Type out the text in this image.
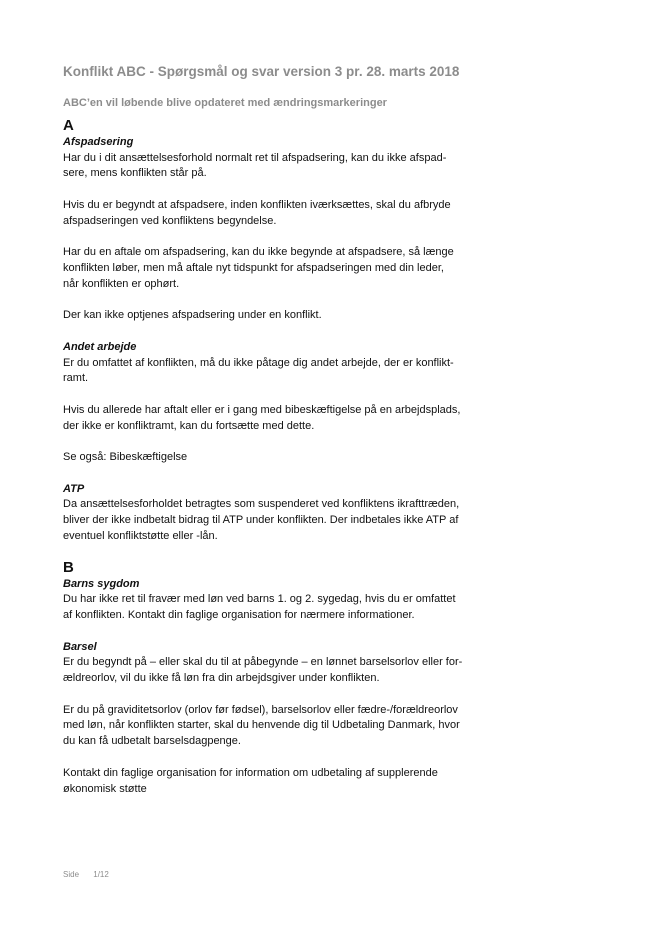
Konflikt ABC - Spørgsmål og svar version 3 pr. 28. marts 2018
ABC’en vil løbende blive opdateret med ændringsmarkeringer
A
Afspadsering
Har du i dit ansættelsesforhold normalt ret til afspadsering, kan du ikke afspad-
sere, mens konflikten står på.
Hvis du er begyndt at afspadsere, inden konflikten iværksættes, skal du afbryde
afspadseringen ved konfliktens begyndelse.
Har du en aftale om afspadsering, kan du ikke begynde at afspadsere, så længe
konflikten løber, men må aftale nyt tidspunkt for afspadseringen med din leder,
når konflikten er ophørt.
Der kan ikke optjenes afspadsering under en konflikt.
Andet arbejde
Er du omfattet af konflikten, må du ikke påtage dig andet arbejde, der er konflikt-
ramt.
Hvis du allerede har aftalt eller er i gang med bibeskæftigelse på en arbejdsplads,
der ikke er konfliktramt, kan du fortsætte med dette.
Se også: Bibeskæftigelse
ATP
Da ansættelsesforholdet betragtes som suspenderet ved konfliktens ikrafttræden,
bliver der ikke indbetalt bidrag til ATP under konflikten. Der indbetales ikke ATP af
eventuel konfliktstøtte eller -lån.
B
Barns sygdom
Du har ikke ret til fravær med løn ved barns 1. og 2. sygedag, hvis du er omfattet
af konflikten. Kontakt din faglige organisation for nærmere informationer.
Barsel
Er du begyndt på – eller skal du til at påbegynde – en lønnet barselsorlov eller for-
ældreorlov, vil du ikke få løn fra din arbejdsgiver under konflikten.
Er du på graviditetsorlov (orlov før fødsel), barselsorlov eller fædre-/forældreorlov
med løn, når konflikten starter, skal du henvende dig til Udbetaling Danmark, hvor
du kan få udbetalt barselsdagpenge.
Kontakt din faglige organisation for information om udbetaling af supplerende
økonomisk støtte
Side 1/12
